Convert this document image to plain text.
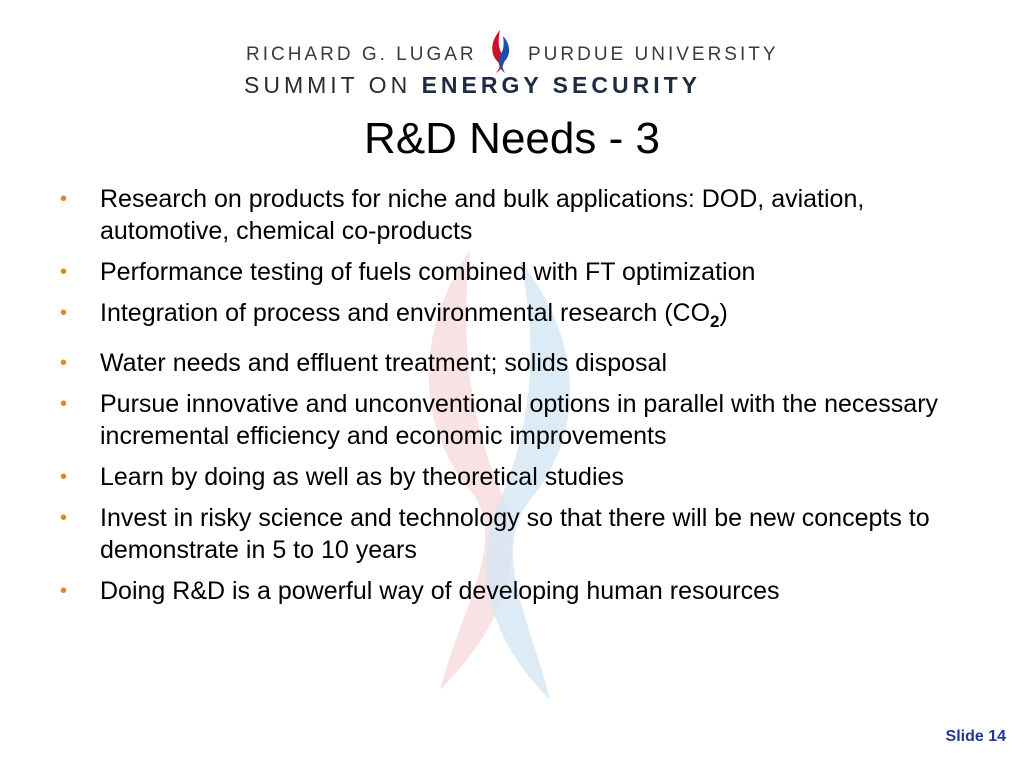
RICHARD G. LUGAR	PURDUE UNIVERSITY
SUMMIT ON ENERGY SECURITY
R&D Needs - 3
• Research on products for niche and bulk applications: DOD, aviation, automotive, chemical co-products
• Performance testing of fuels combined with FT optimization
• Integration of process and environmental research $(CO_2)$
• Water needs and effluent treatment; solids disposal
• Pursue innovative and unconventional options in parallel with the necessary incremental efficiency and economic improvements
• Learn by doing as well as by theoretical studies
• Invest in risky science and technology so that there will be new concepts to demonstrate in 5 to 10 years
• Doing R&D is a powerful way of developing human resources
Slide 14
